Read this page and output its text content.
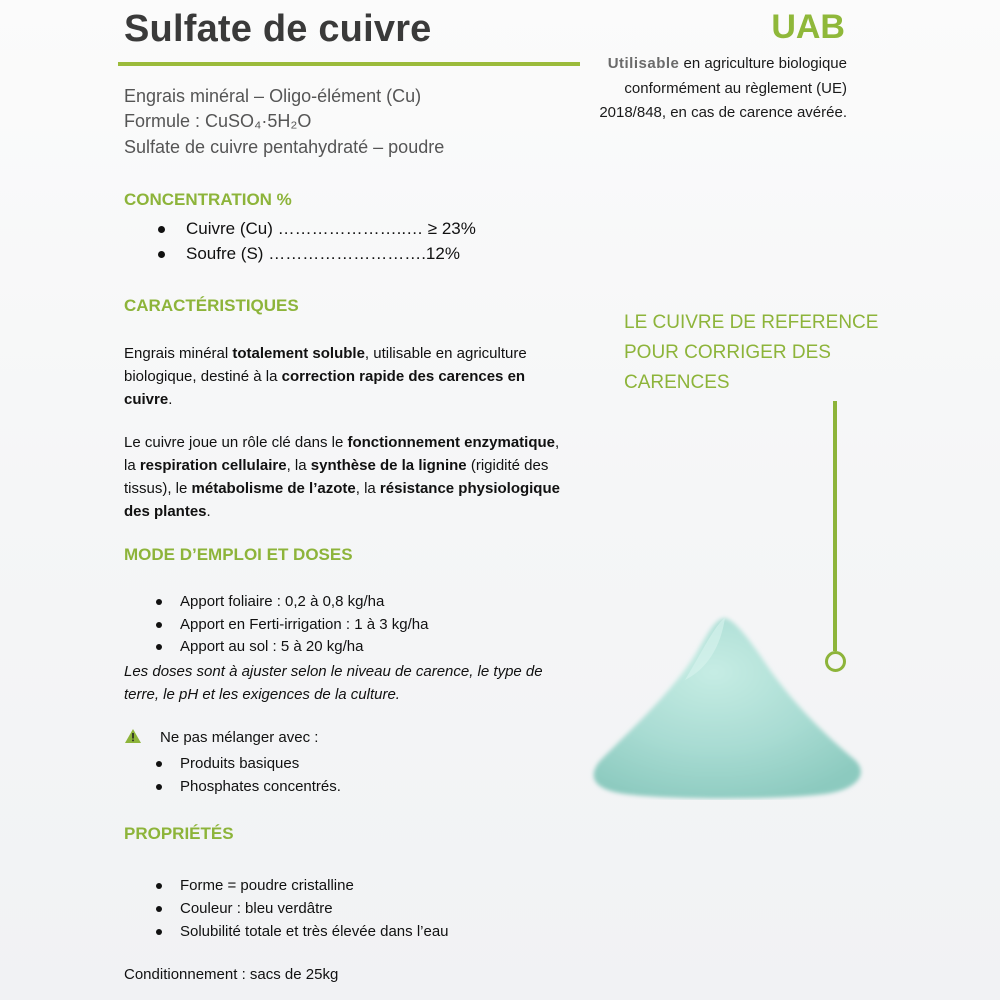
Sulfate de cuivre
Engrais minéral – Oligo-élément (Cu)
Formule : CuSO₄·5H₂O
Sulfate de cuivre pentahydraté – poudre
UAB
Utilisable en agriculture biologique conformément au règlement (UE) 2018/848, en cas de carence avérée.
CONCENTRATION %
Cuivre (Cu) …………………..… ≥ 23%
Soufre (S) ……………………….12%
CARACTÉRISTIQUES
Engrais minéral totalement soluble, utilisable en agriculture biologique, destiné à la correction rapide des carences en cuivre.
Le cuivre joue un rôle clé dans le fonctionnement enzymatique, la respiration cellulaire, la synthèse de la lignine (rigidité des tissus), le métabolisme de l’azote, la résistance physiologique des plantes.
MODE D’EMPLOI ET DOSES
Apport foliaire : 0,2 à 0,8 kg/ha
Apport en Ferti-irrigation : 1 à 3 kg/ha
Apport au sol : 5 à 20 kg/ha
Les doses sont à ajuster selon le niveau de carence, le type de terre, le pH et les exigences de la culture.
Ne pas mélanger avec :
Produits basiques
Phosphates concentrés.
PROPRIÉTÉS
Forme = poudre cristalline
Couleur : bleu verdâtre
Solubilité totale et très élevée dans l’eau
Conditionnement : sacs de 25kg
LE CUIVRE DE REFERENCE POUR CORRIGER DES CARENCES
